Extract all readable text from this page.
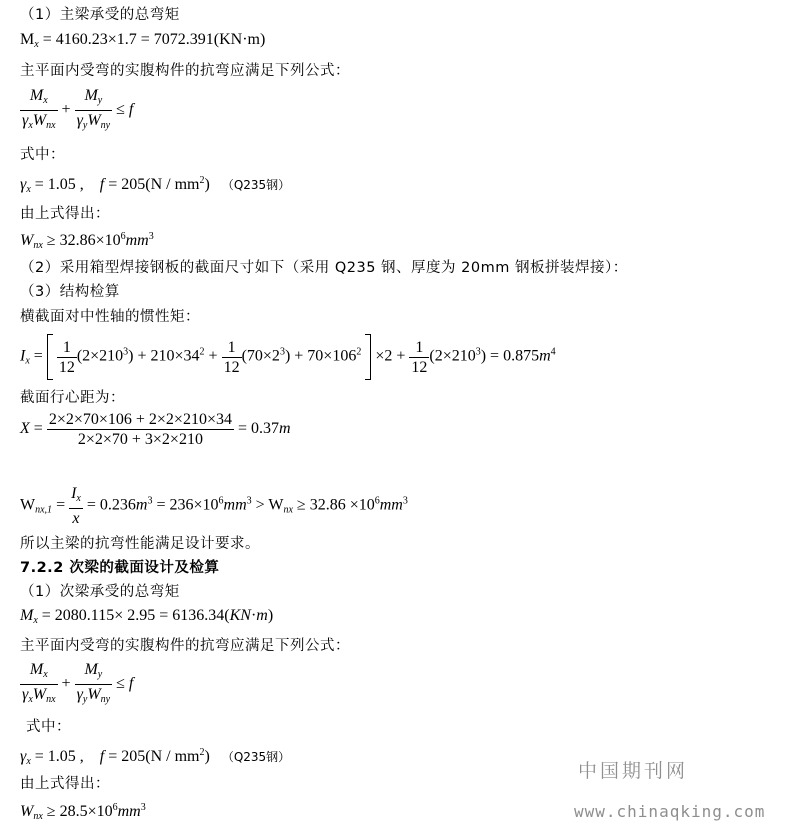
（1）主梁承受的总弯矩
$M_x = 4160.23\times 1.7 = 7072.391(KN\cdot m)$
主平面内受弯的实腹构件的抗弯应满足下列公式：
$\frac{M_x}{\gamma_xW_{nx}} + \frac{M_y}{\gamma_yW_{ny}} \le f$
式中：
$\gamma_x = 1.05$ , $f = 205(N / mm^2)$   （Q235钢）
由上式得出：
$W_{nx} \ge 32.86\times 10^6mm^3$
（2）采用箱型焊接钢板的截面尺寸如下（采用 Q235 钢、厚度为 20mm 钢板拼装焊接）：
（3）结构检算
横截面对中性轴的惯性矩：
$I_x = \frac{1}{12} (2\times 210^3) + 210\times 34^2 + \frac{1}{12} (70\times 2^3) + 70\times 106^2 \times 2 + \frac{1}{12} (2\times 210^3) = 0.875m^4$
截面行心距为：
$X = \frac{2\times 2\times 70\times 106 + 2\times 2\times 210\times 34}{2\times 2\times 70 + 3\times 2\times 210} = 0.37m$
$W_{nx,1} = \frac{I_x}{x} = 0.236m^3 = 236\times 10^6mm^3 > W_{nx} \ge 32.86 \times 10^6mm^3$
所以主梁的抗弯性能满足设计要求。
7.2.2 次梁的截面设计及检算
（1）次梁承受的总弯矩
$M_x = 2080.115\times 2.95 = 6136.34(KN\cdot m)$
主平面内受弯的实腹构件的抗弯应满足下列公式：
$\frac{M_x}{\gamma_xW_{nx}} + \frac{M_y}{\gamma_yW_{ny}} \le f$
式中：
$\gamma_x = 1.05$ , $f = 205(N / mm^2)$   （Q235钢）
由上式得出：
$W_{nx} \ge 28.5\times 10^6mm^3$
中国期刊网
www.chinaqking.com
